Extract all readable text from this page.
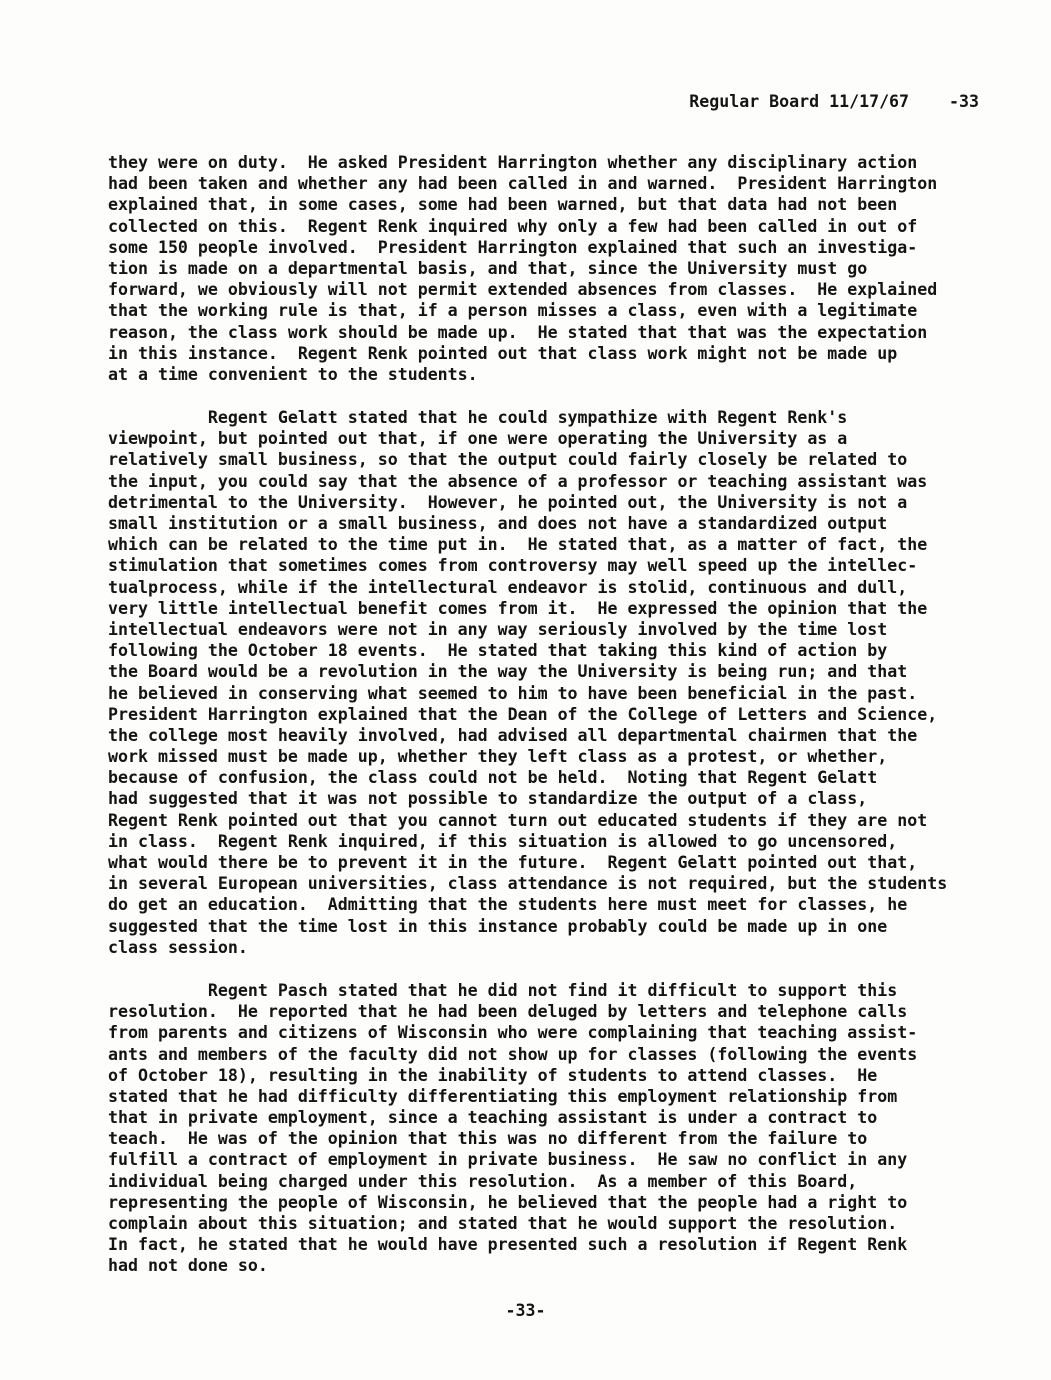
Regular Board 11/17/67 -33

they were on duty.  He asked President Harrington whether any disciplinary action
had been taken and whether any had been called in and warned.  President Harrington
explained that, in some cases, some had been warned, but that data had not been
collected on this.  Regent Renk inquired why only a few had been called in out of
some 150 people involved.  President Harrington explained that such an investiga-
tion is made on a departmental basis, and that, since the University must go
forward, we obviously will not permit extended absences from classes.  He explained
that the working rule is that, if a person misses a class, even with a legitimate
reason, the class work should be made up.  He stated that that was the expectation
in this instance.  Regent Renk pointed out that class work might not be made up
at a time convenient to the students.

Regent Gelatt stated that he could sympathize with Regent Renk's
viewpoint, but pointed out that, if one were operating the University as a
relatively small business, so that the output could fairly closely be related to
the input, you could say that the absence of a professor or teaching assistant was
detrimental to the University.  However, he pointed out, the University is not a
small institution or a small business, and does not have a standardized output
which can be related to the time put in.  He stated that, as a matter of fact, the
stimulation that sometimes comes from controversy may well speed up the intellec-
tualprocess, while if the intellectural endeavor is stolid, continuous and dull,
very little intellectual benefit comes from it.  He expressed the opinion that the
intellectual endeavors were not in any way seriously involved by the time lost
following the October 18 events.  He stated that taking this kind of action by
the Board would be a revolution in the way the University is being run; and that
he believed in conserving what seemed to him to have been beneficial in the past.
President Harrington explained that the Dean of the College of Letters and Science,
the college most heavily involved, had advised all departmental chairmen that the
work missed must be made up, whether they left class as a protest, or whether,
because of confusion, the class could not be held.  Noting that Regent Gelatt
had suggested that it was not possible to standardize the output of a class,
Regent Renk pointed out that you cannot turn out educated students if they are not
in class.  Regent Renk inquired, if this situation is allowed to go uncensored,
what would there be to prevent it in the future.  Regent Gelatt pointed out that,
in several European universities, class attendance is not required, but the students
do get an education.  Admitting that the students here must meet for classes, he
suggested that the time lost in this instance probably could be made up in one
class session.

Regent Pasch stated that he did not find it difficult to support this
resolution.  He reported that he had been deluged by letters and telephone calls
from parents and citizens of Wisconsin who were complaining that teaching assist-
ants and members of the faculty did not show up for classes (following the events
of October 18), resulting in the inability of students to attend classes.  He
stated that he had difficulty differentiating this employment relationship from
that in private employment, since a teaching assistant is under a contract to
teach.  He was of the opinion that this was no different from the failure to
fulfill a contract of employment in private business.  He saw no conflict in any
individual being charged under this resolution.  As a member of this Board,
representing the people of Wisconsin, he believed that the people had a right to
complain about this situation; and stated that he would support the resolution.
In fact, he stated that he would have presented such a resolution if Regent Renk
had not done so.

-33-
